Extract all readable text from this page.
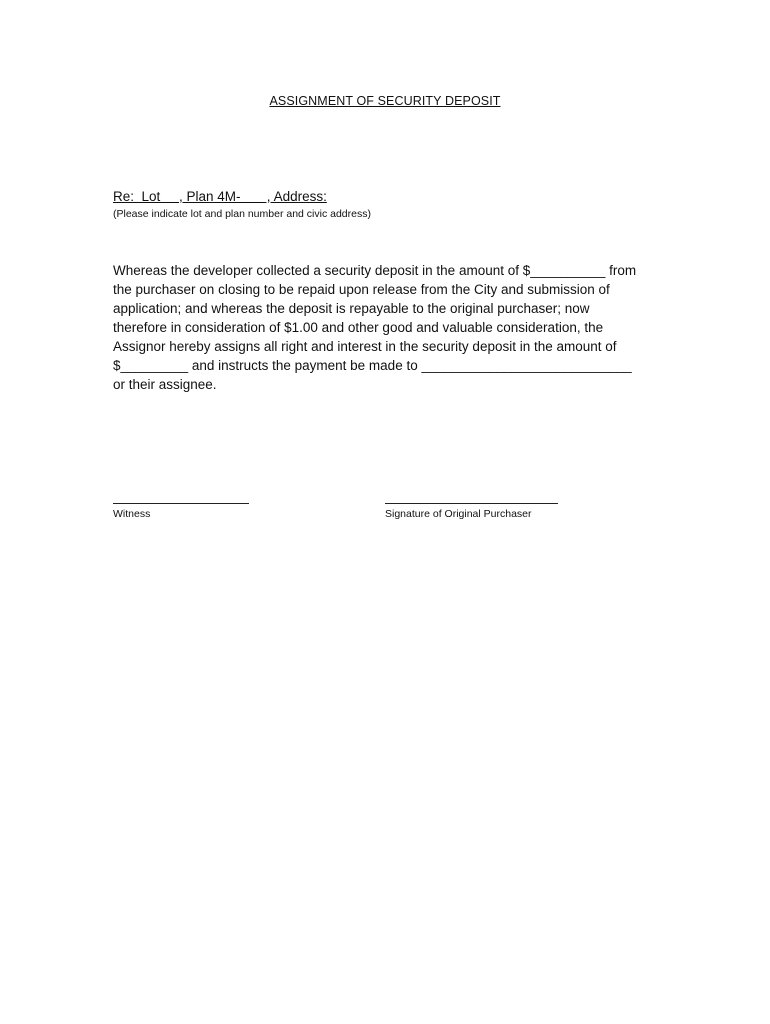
ASSIGNMENT OF SECURITY DEPOSIT
Re:  Lot     , Plan 4M-       , Address:
(Please indicate lot and plan number and civic address)
Whereas the developer collected a security deposit in the amount of $__________ from
the purchaser on closing to be repaid upon release from the City and submission of
application; and whereas the deposit is repayable to the original purchaser; now
therefore in consideration of $1.00 and other good and valuable consideration, the
Assignor hereby assigns all right and interest in the security deposit in the amount of
$_________ and instructs the payment be made to ____________________________
or their assignee.
Witness	Signature of Original Purchaser
